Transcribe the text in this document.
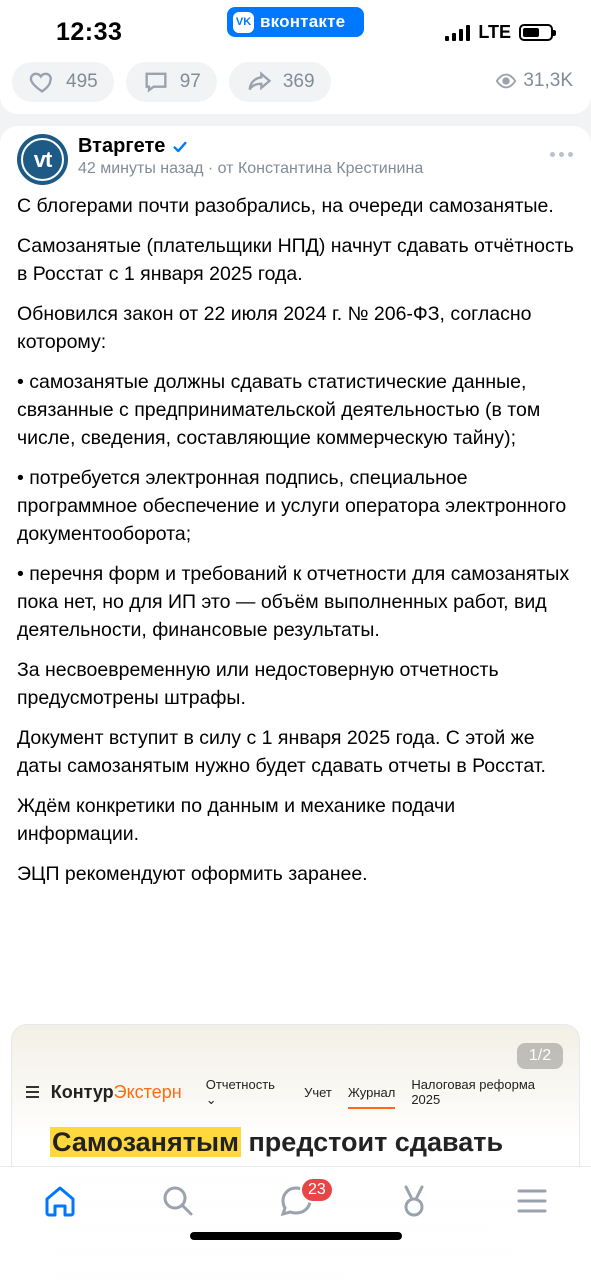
12:33	VK вконтакте
LTE
495	97	369	31,3K
vt
Втаргете
42 минуты назад · от Константина Крестинина

С блогерами почти разобрались, на очереди самозанятые.

Самозанятые (плательщики НПД) начнут сдавать отчётность в Росстат с 1 января 2025 года.

Обновился закон от 22 июля 2024 г. № 206-ФЗ, согласно которому:

• самозанятые должны сдавать статистические данные, связанные с предпринимательской деятельностью (в том числе, сведения, составляющие коммерческую тайну);

• потребуется электронная подпись, специальное программное обеспечение и услуги оператора электронного документооборота;

• перечня форм и требований к отчетности для самозанятых пока нет, но для ИП это — объём выполненных работ, вид деятельности, финансовые результаты.

За несвоевременную или недостоверную отчетность предусмотрены штрафы.

Документ вступит в силу с 1 января 2025 года. С этой же даты самозанятым нужно будет сдавать отчеты в Росстат.

Ждём конкретики по данным и механике подачи информации.

ЭЦП рекомендуют оформить заранее.

1/2
КонтурЭкстерн Отчетность ⌄	Учет Журнал Налоговая реформа 2025
Самозанятым предстоит сдавать
23
